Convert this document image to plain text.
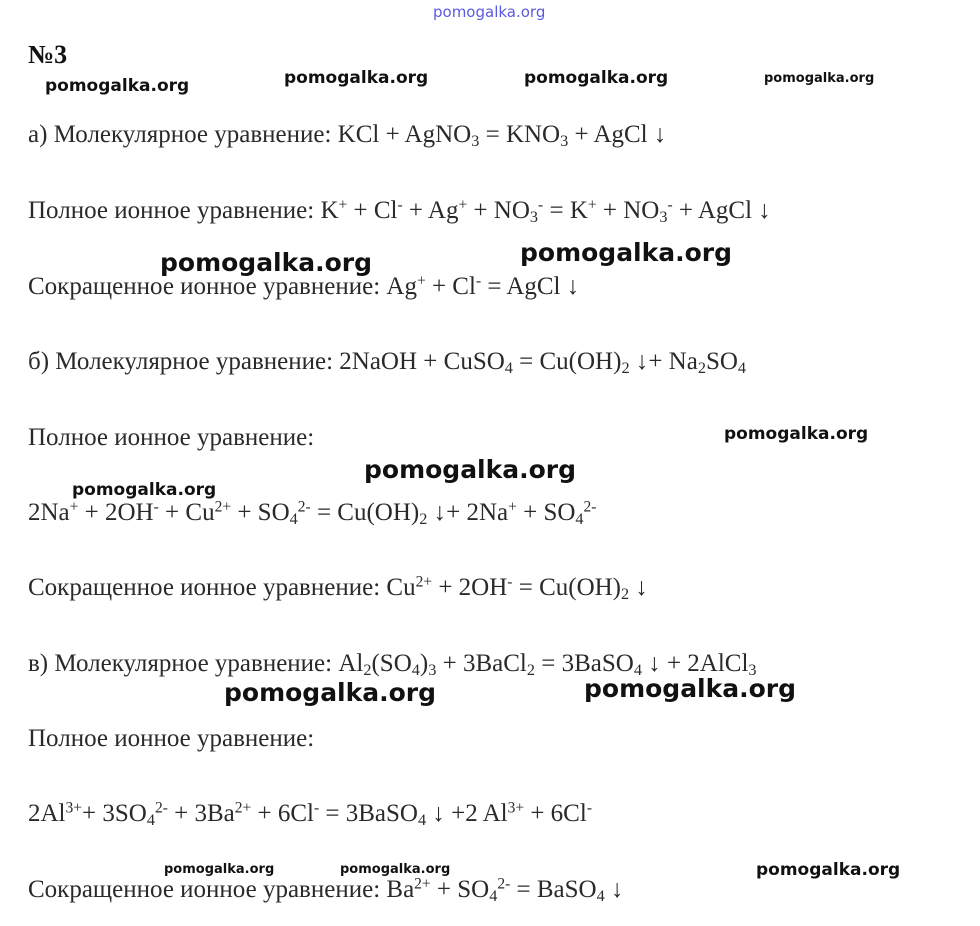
pomogalka.org
№3
pomogalka.org	pomogalka.org	pomogalka.org	pomogalka.org
а) Молекулярное уравнение: KCl + AgNO$_3$ = $KNO_3$ + AgCl ↓
Полное ионное уравнение: $K^+ + Cl^- + Ag^+ + NO_3^- = K^+ + NO_3^-$ + AgCl ↓
pomogalka.org	pomogalka.org
Сокращенное ионное уравнение: Ag+ + Cl- = AgCl ↓
б) Молекулярное уравнение: 2NaOH + CuSO$_4$ = $Cu(OH)_2$ ↓+ $Na_2SO_4$
Полное ионное уравнение:	pomogalka.org
pomogalka.org
pomogalka.org
$2Na^+ + 2OH^- + Cu^{2+} + SO_4^{2-} = Cu(OH)_2$ ↓+ $2Na^+ + SO_4^{2-}$
Сокращенное ионное уравнение: $Cu^{2+} + 2OH^- = Cu(OH)_2$ ↓
в) Молекулярное уравнение: $Al_2(SO_4)_3$ + 3BaCl$_2$ = 3BaSO$_4$ ↓ + 2AlCl$_3$
pomogalka.org	pomogalka.org
Полное ионное уравнение:
$2Al^{3+}+ 3SO_4^{2-} + 3Ba^{2+} + 6Cl^-$ = 3BaSO$_4$ ↓ +2 $Al^{3+} + 6Cl^-$
pomogalka.org	pomogalka.org	pomogalka.org
Сокращенное ионное уравнение: $Ba^{2+} + SO_4^{2-}$ = BaSO$_4$ ↓
